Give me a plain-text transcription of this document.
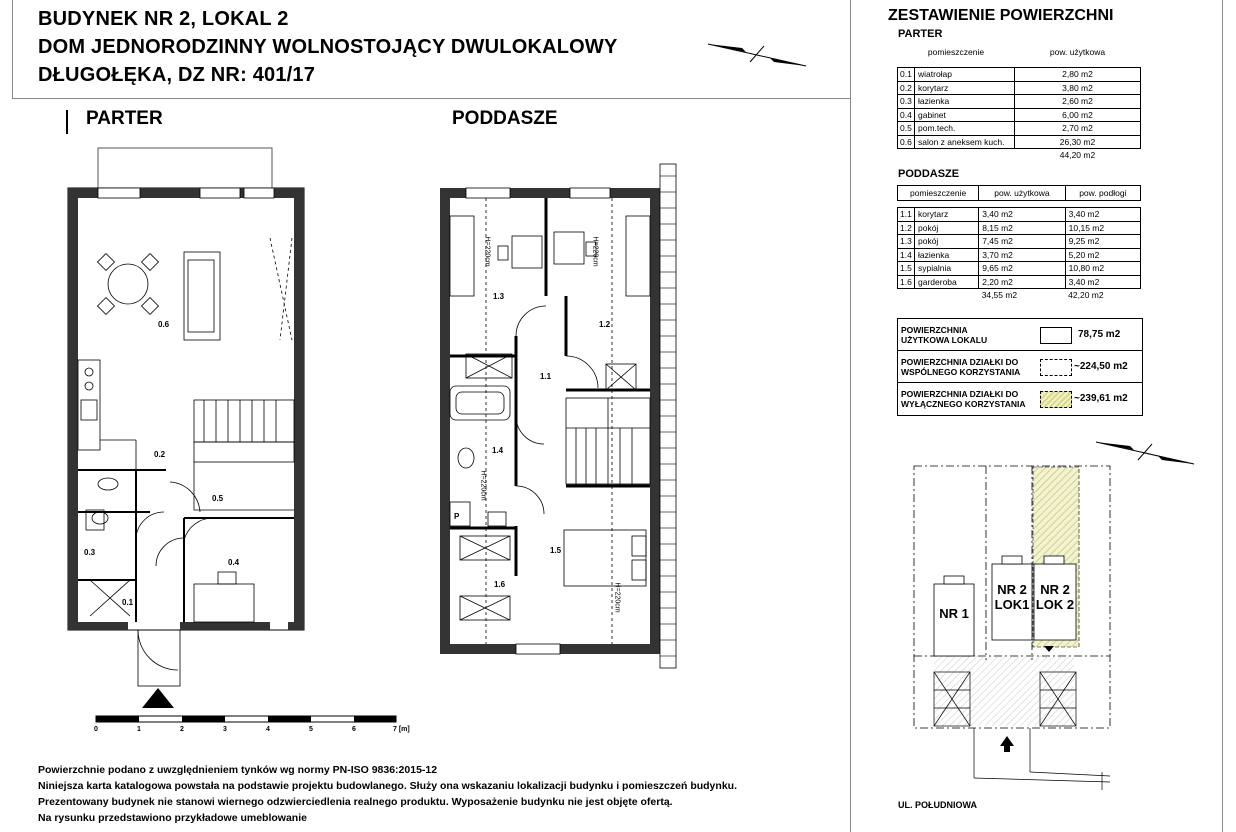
BUDYNEK NR 2, LOKAL 2
DOM JEDNORODZINNY WOLNOSTOJĄCY DWULOKALOWY
DŁUGOŁĘKA, DZ NR: 401/17
PARTER	PODDASZE
0.6
0.2
0.5
0.3
0.4
0.1
1.3
1.2
1.1
1.4
1.5
1.6
P
H=220cm	H=220cm
H=220cm
H=220cm
0	1	2	3	4	5	6	7 [m]
ZESTAWIENIE POWIERZCHNI
PARTER
pomieszczenie		pow. użytkowa

0.1	wiatrołap	2,80 m2
0.2	korytarz	3,80 m2
0.3	łazienka	2,60 m2
0.4	gabinet	6,00 m2
0.5	pom.tech.	2,70 m2
0.6	salon z aneksem kuch.	26,30 m2
		44,20 m2
PODDASZE
pomieszczenie		pow. użytkowa	pow. podłogi

1.1	korytarz	3,40 m2	3,40 m2
1.2	pokój	8,15 m2	10,15 m2
1.3	pokój	7,45 m2	9,25 m2
1.4	łazienka	3,70 m2	5,20 m2
1.5	sypialnia	9,65 m2	10,80 m2
1.6	garderoba	2,20 m2	3,40 m2
		34,55 m2	42,20 m2
POWIERZCHNIA
UŻYTKOWA LOKALU	78,75 m2
POWIERZCHNIA DZIAŁKI DO
WSPÓLNEGO KORZYSTANIA	~224,50 m2
POWIERZCHNIA DZIAŁKI DO
WYŁĄCZNEGO KORZYSTANIA	~239,61 m2
NR 1
NR 2
LOK1
NR 2
LOK 2
UL. POŁUDNIOWA
Powierzchnie podano z uwzględnieniem tynków wg normy PN-ISO 9836:2015-12
Niniejsza karta katalogowa powstała na podstawie projektu budowlanego. Służy ona wskazaniu lokalizacji budynku i pomieszczeń budynku.
Prezentowany budynek nie stanowi wiernego odzwierciedlenia realnego produktu. Wyposażenie budynku nie jest objęte ofertą.
Na rysunku przedstawiono przykładowe umeblowanie
